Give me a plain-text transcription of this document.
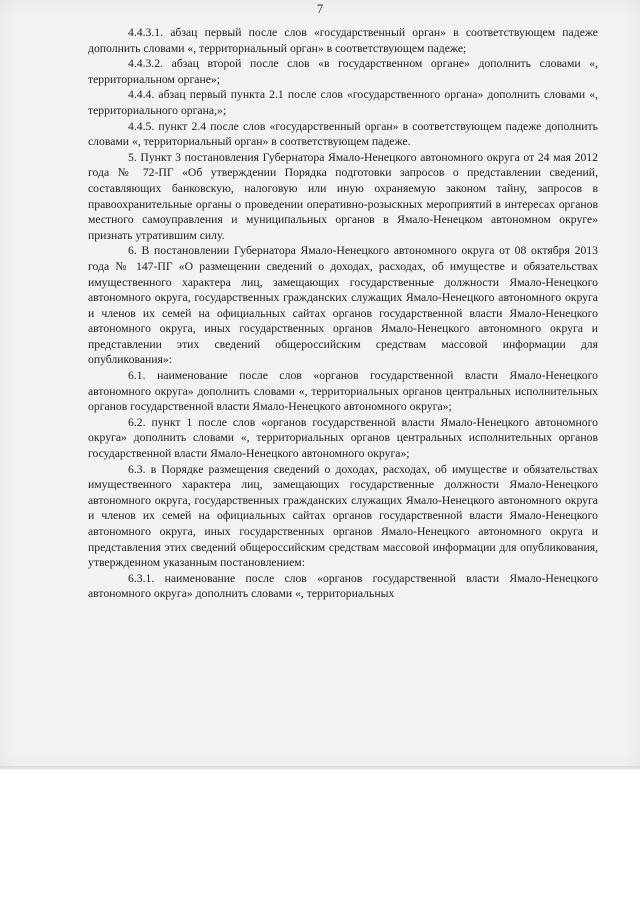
7

4.4.3.1. абзац первый после слов «государственный орган» в соответствующем падеже дополнить словами «, территориальный орган» в соответствующем падеже;

4.4.3.2. абзац второй после слов «в государственном органе» дополнить словами «, территориальном органе»;

4.4.4. абзац первый пункта 2.1 после слов «государственного органа» дополнить словами «, территориального органа,»;

4.4.5. пункт 2.4 после слов «государственный орган» в соответствующем падеже дополнить словами «, территориальный орган» в соответствующем падеже.

5. Пункт 3 постановления Губернатора Ямало-Ненецкого автономного округа от 24 мая 2012 года № 72-ПГ «Об утверждении Порядка подготовки запросов о представлении сведений, составляющих банковскую, налоговую или иную охраняемую законом тайну, запросов в правоохранительные органы о проведении оперативно-розыскных мероприятий в интересах органов местного самоуправления и муниципальных органов в Ямало-Ненецком автономном округе» признать утратившим силу.

6. В постановлении Губернатора Ямало-Ненецкого автономного округа от 08 октября 2013 года № 147-ПГ «О размещении сведений о доходах, расходах, об имуществе и обязательствах имущественного характера лиц, замещающих государственные должности Ямало-Ненецкого автономного округа, государственных гражданских служащих Ямало-Ненецкого автономного округа и членов их семей на официальных сайтах органов государственной власти Ямало-Ненецкого автономного округа, иных государственных органов Ямало-Ненецкого автономного округа и представлении этих сведений общероссийским средствам массовой информации для опубликования»:

6.1. наименование после слов «органов государственной власти Ямало-Ненецкого автономного округа» дополнить словами «, территориальных органов центральных исполнительных органов государственной власти Ямало-Ненецкого автономного округа»;

6.2. пункт 1 после слов «органов государственной власти Ямало-Ненецкого автономного округа» дополнить словами «, территориальных органов центральных исполнительных органов государственной власти Ямало-Ненецкого автономного округа»;

6.3. в Порядке размещения сведений о доходах, расходах, об имуществе и обязательствах имущественного характера лиц, замещающих государственные должности Ямало-Ненецкого автономного округа, государственных гражданских служащих Ямало-Ненецкого автономного округа и членов их семей на официальных сайтах органов государственной власти Ямало-Ненецкого автономного округа, иных государственных органов Ямало-Ненецкого автономного округа и представления этих сведений общероссийским средствам массовой информации для опубликования, утвержденном указанным постановлением:

6.3.1. наименование после слов «органов государственной власти Ямало-Ненецкого автономного округа» дополнить словами «, территориальных
